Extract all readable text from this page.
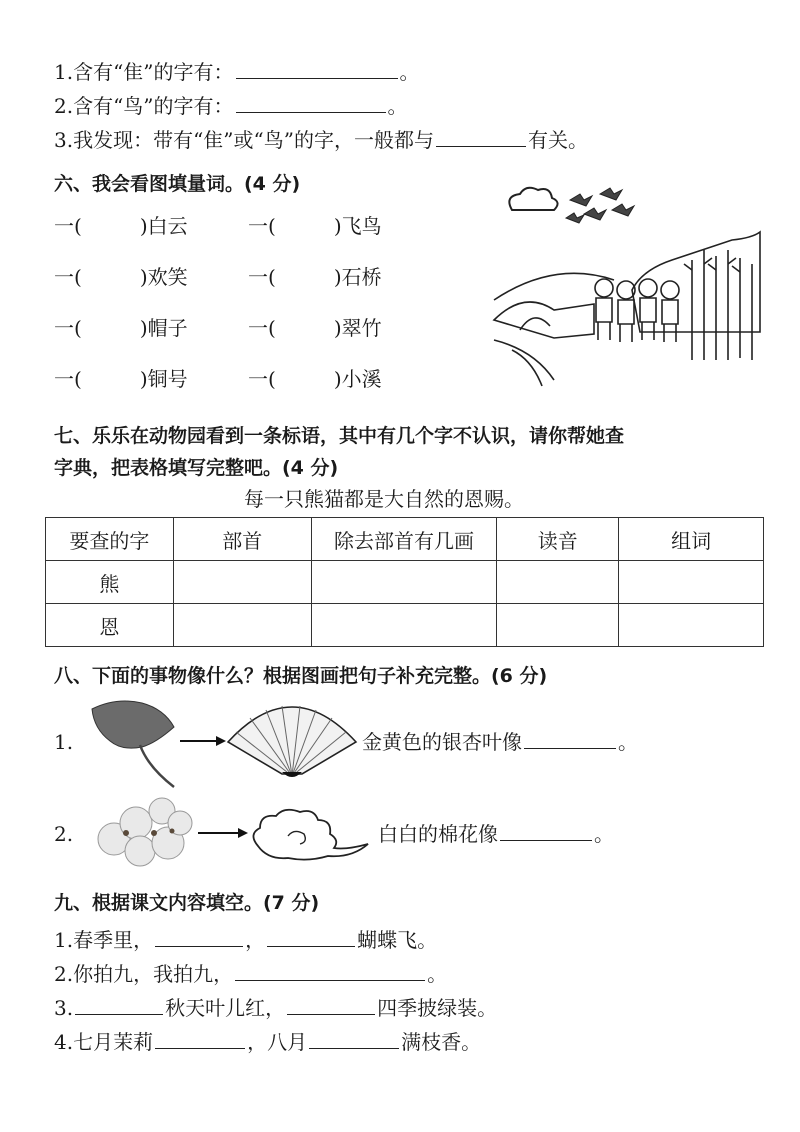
1.含有“隹”的字有：	。
2.含有“鸟”的字有：	。
3.我发现：带有“隹”或“鸟”的字，一般都与	有关。
六、我会看图填量词。(4 分)
一(	)白云	一(	)飞鸟
一(	)欢笑	一(	)石桥
一(	)帽子	一(	)翠竹
一(	)铜号	一(	)小溪
七、乐乐在动物园看到一条标语，其中有几个字不认识，请你帮她查
字典，把表格填写完整吧。(4 分)
每一只熊猫都是大自然的恩赐。
要查的字	部首	除去部首有几画	读音	组词
熊				
恩				
八、下面的事物像什么？根据图画把句子补充完整。(6 分)
1.	金黄色的银杏叶像	。
2.	白白的棉花像	。
九、根据课文内容填空。(7 分)
1.春季里，	，	蝴蝶飞。
2.你拍九，我拍九，	。
3.	秋天叶儿红，	四季披绿装。
4.七月茉莉	，八月	满枝香。
